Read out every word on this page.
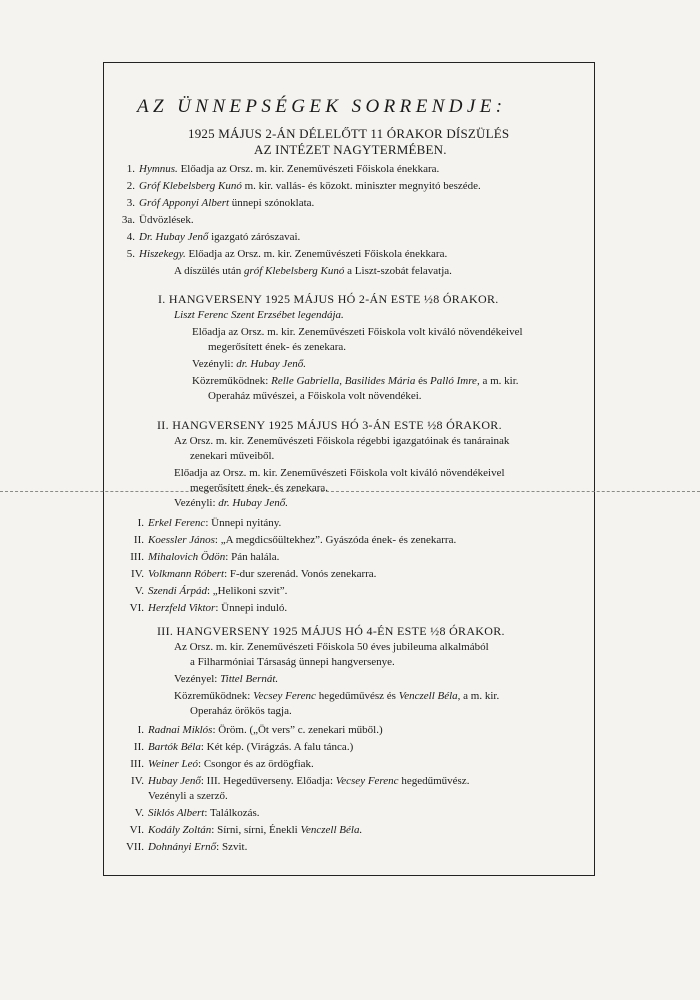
AZ ÜNNEPSÉGEK SORRENDJE:
1925 MÁJUS 2-ÁN DÉLELŐTT 11 ÓRAKOR DÍSZÜLÉS
AZ INTÉZET NAGYTERMÉBEN.
1. Hymnus. Előadja az Orsz. m. kir. Zeneművészeti Főiskola énekkara.
2. Gróf Klebelsberg Kunó m. kir. vallás- és közokt. miniszter megnyitó beszéde.
3. Gróf Apponyi Albert ünnepi szónoklata.
3a. Üdvözlések.
4. Dr. Hubay Jenő igazgató zárószavai.
5. Hiszekegy. Előadja az Orsz. m. kir. Zeneművészeti Főiskola énekkara.
A díszülés után gróf Klebelsberg Kunó a Liszt-szobát felavatja.
I. HANGVERSENY 1925 MÁJUS HÓ 2-ÁN ESTE ½8 ÓRAKOR.
Liszt Ferenc Szent Erzsébet legendája.
Előadja az Orsz. m. kir. Zeneművészeti Főiskola volt kiváló növendékeivel
megerősített ének- és zenekara.
Vezényli: dr. Hubay Jenő.
Közreműködnek: Relle Gabriella, Basilides Mária és Palló Imre, a m. kir.
Operaház művészei, a Főiskola volt növendékei.
II. HANGVERSENY 1925 MÁJUS HÓ 3-ÁN ESTE ½8 ÓRAKOR.
Az Orsz. m. kir. Zeneművészeti Főiskola régebbi igazgatóinak és tanárainak
zenekari műveiből.
Előadja az Orsz. m. kir. Zeneművészeti Főiskola volt kiváló növendékeivel
megerősített ének- és zenekara.
Vezényli: dr. Hubay Jenő.
I. Erkel Ferenc: Ünnepi nyitány.
II. Koessler János: „A megdicsőültekhez”. Gyászóda ének- és zenekarra.
III. Mihalovich Ödön: Pán halála.
IV. Volkmann Róbert: F-dur szerenád. Vonós zenekarra.
V. Szendi Árpád: „Helikoni szvit”.
VI. Herzfeld Viktor: Ünnepi induló.
III. HANGVERSENY 1925 MÁJUS HÓ 4-ÉN ESTE ½8 ÓRAKOR.
Az Orsz. m. kir. Zeneművészeti Főiskola 50 éves jubileuma alkalmából
a Filharmóniai Társaság ünnepi hangversenye.
Vezényel: Tittel Bernát.
Közreműködnek: Vecsey Ferenc hegedűművész és Venczell Béla, a m. kir.
Operaház örökös tagja.
I. Radnai Miklós: Öröm. („Öt vers” c. zenekari műből.)
II. Bartók Béla: Két kép. (Virágzás. A falu tánca.)
III. Weiner Leó: Csongor és az ördögfiak.
IV. Hubay Jenő: III. Hegedűverseny. Előadja: Vecsey Ferenc hegedűművész.
Vezényli a szerző.
V. Siklós Albert: Találkozás.
VI. Kodály Zoltán: Sírni, sírni, Énekli Venczell Béla.
VII. Dohnányi Ernő: Szvit.
